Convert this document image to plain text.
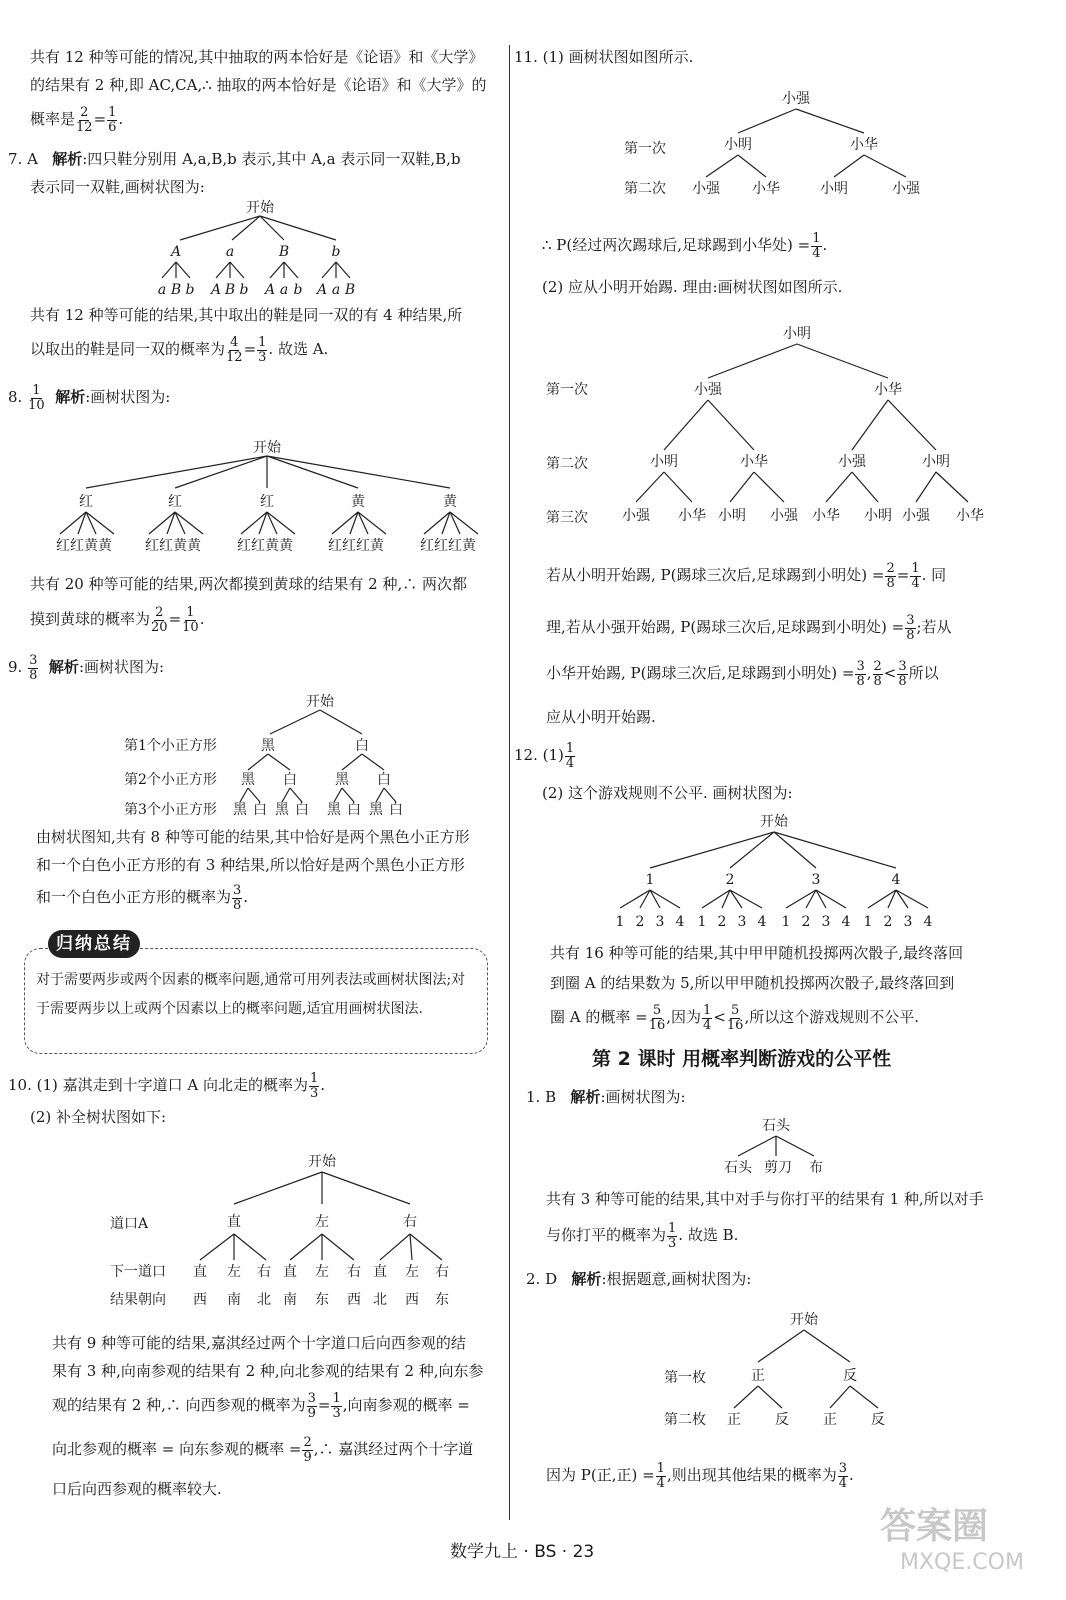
共有 12 种等可能的情况,其中抽取的两本恰好是《论语》和《大学》
的结果有 2 种,即 AC,CA,∴ 抽取的两本恰好是《论语》和《大学》的
概率是 $\frac{2}{12} = \frac{1}{6}$ .
7. A 解析:四只鞋分别用 A,a,B,b 表示,其中 A,a 表示同一双鞋,B,b
表示同一双鞋,画树状图为:
开始
A	a	B	b
a B b A B b A a b A a B
共有 12 种等可能的结果,其中取出的鞋是同一双的有 4 种结果,所
以取出的鞋是同一双的概率为 $\frac{4}{12} = \frac{1}{3}$ . 故选 A.
8. $\frac{1}{10}$ 解析:画树状图为:
开始
红	红	红	黄	黄
红红黄黄 红红黄黄	红红黄黄	红红红黄	红红红黄
共有 20 种等可能的结果,两次都摸到黄球的结果有 2 种,∴ 两次都
摸到黄球的概率为 $\frac{2}{20} = \frac{1}{10}$ .
9. $\frac{3}{8}$ 解析:画树状图为:
开始
第1个小正方形	黑	白
第2个小正方形 黑 白	黑 白
第3个小正方形 黑 白 黑 白 黑 白 黑 白
由树状图知,共有 8 种等可能的结果,其中恰好是两个黑色小正方形
和一个白色小正方形的有 3 种结果,所以恰好是两个黑色小正方形
和一个白色小正方形的概率为 $\frac{3}{8}$ .
归纳总结
对于需要两步或两个因素的概率问题,通常可用列表法或画树状图法;对于需要两步以上或两个因素以上的概率问题,适宜用画树状图法.
10. (1) 嘉淇走到十字道口 A 向北走的概率为 $\frac{1}{3}$ .
(2) 补全树状图如下:
开始
道口A	直	左	右
下一道口 直 左 右 直 左 右 直 左 右
结果朝向 西 南 北 南 东 西 北 西 东
共有 9 种等可能的结果,嘉淇经过两个十字道口后向西参观的结
果有 3 种,向南参观的结果有 2 种,向北参观的结果有 2 种,向东参
观的结果有 2 种,∴ 向西参观的概率为 $\frac{3}{9} = \frac{1}{3}$ ,向南参观的概率 =
向北参观的概率 = 向东参观的概率 = $\frac{2}{9}$ ,∴ 嘉淇经过两个十字道
口后向西参观的概率较大.
11. (1) 画树状图如图所示.
小强
第一次	小明	小华
第二次 小强 小华	小明	小强
∴ P(经过两次踢球后,足球踢到小华处) = $\frac{1}{4}$ .
(2) 应从小明开始踢. 理由:画树状图如图所示.
小明
第一次	小强	小华
第二次	小明	小华	小强	小明
第三次 小强 小华 小明 小强 小华 小明 小强 小华
若从小明开始踢, P(踢球三次后,足球踢到小明处) = $\frac{2}{8} = \frac{1}{4}$ . 同
理,若从小强开始踢, P(踢球三次后,足球踢到小明处) = $\frac{3}{8}$ ;若从
小华开始踢, P(踢球三次后,足球踢到小明处) = $\frac{3}{8}$ , $\frac{2}{8} < \frac{3}{8}$ 所以
应从小明开始踢.
12. $(1) \frac{1}{4}$
(2) 这个游戏规则不公平. 画树状图为:
开始
1	2	3	4
1 2 3 4 1 2 3 4 1 2 3 4 1 2 3 4
共有 16 种等可能的结果,其中甲甲随机投掷两次骰子,最终落回
到圈 A 的结果数为 5,所以甲甲随机投掷两次骰子,最终落回到
圈 A 的概率 = $\frac{5}{16}$ ,因为 $\frac{1}{4} < \frac{5}{16}$ ,所以这个游戏规则不公平.
第 2 课时 用概率判断游戏的公平性
1. B 解析:画树状图为:
石头
石头 剪刀 布
共有 3 种等可能的结果,其中对手与你打平的结果有 1 种,所以对手
与你打平的概率为 $\frac{1}{3}$ . 故选 B.
2. D 解析:根据题意,画树状图为:
开始
第一枚	正	反
第二枚 正 反 正 反
因为 P(正,正) = $\frac{1}{4}$ ,则出现其他结果的概率为 $\frac{3}{4}$ .
数学九上 · BS · 23
答案圈
MXQE.COM
